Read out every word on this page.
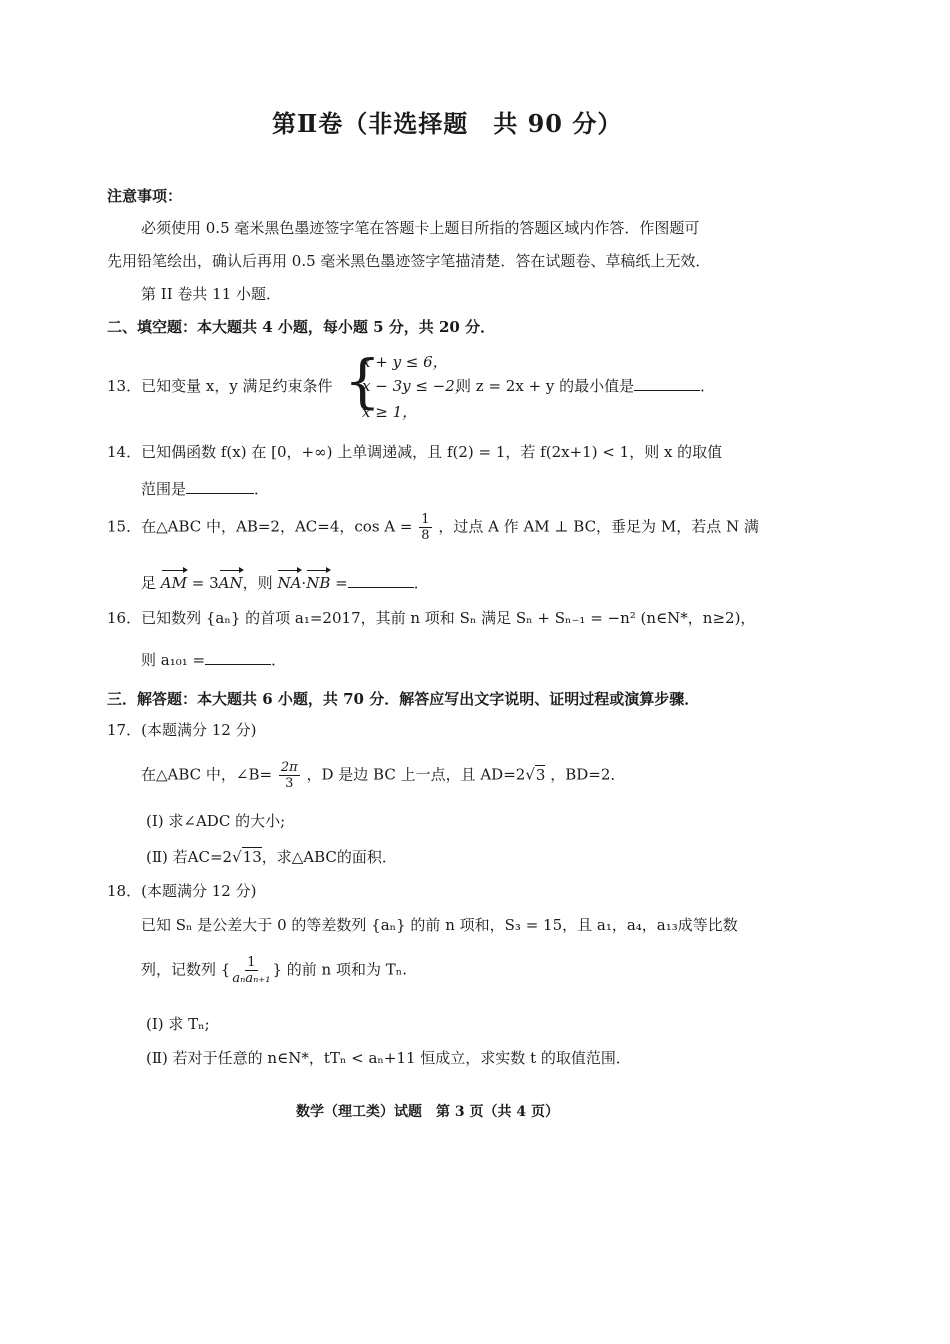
第Ⅱ卷（非选择题　共 90 分）
注意事项：
必须使用 0.5 毫米黑色墨迹签字笔在答题卡上题目所指的答题区域内作答．作图题可
先用铅笔绘出，确认后再用 0.5 毫米黑色墨迹签字笔描清楚．答在试题卷、草稿纸上无效．
第 II 卷共 11 小题．
二、填空题：本大题共 4 小题，每小题 5 分，共 20 分．
13．已知变量 x，y 满足约束条件 {
x + y ≤ 6，
x − 3y ≤ −2，
x ≥ 1，
则 z = 2x + y 的最小值是	．
14．已知偶函数 f(x) 在 [0，+∞) 上单调递减，且 f(2) = 1，若 f(2x+1) < 1，则 x 的取值
范围是	．
15．在△ABC 中，AB=2，AC=4，$\cos A = \frac{1}{8}$ ，过点 A 作 AM ⊥ BC，垂足为 M，若点 N 满
足 AM = 3AN，则 NA·NB =	．
16．已知数列 {aₙ} 的首项 a₁=2017，其前 n 项和 Sₙ 满足 Sₙ + Sₙ₋₁ = −n² (n∈N*，n≥2)，
则 a₁₀₁ =	．
三．解答题：本大题共 6 小题，共 70 分．解答应写出文字说明、证明过程或演算步骤．
17．(本题满分 12 分)
在△ABC 中，∠B= $\frac{2\pi}{3}$ ，D 是边 BC 上一点，且 AD=2√3 ，BD=2．
(Ⅰ) 求∠ADC 的大小;
(Ⅱ) 若AC=2√13，求△ABC的面积．
18．(本题满分 12 分)
已知 Sₙ 是公差大于 0 的等差数列 {aₙ} 的前 n 项和，S₃ = 15，且 a₁，a₄，a₁₃成等比数
列，记数列 { $\frac{1}{\text{aₙaₙ₊₁}}$ } 的前 n 项和为 Tₙ.
(Ⅰ) 求 Tₙ;
(Ⅱ) 若对于任意的 n∈N*，tTₙ < aₙ+11 恒成立，求实数 t 的取值范围．
数学（理工类）试题　第 3 页（共 4 页）
